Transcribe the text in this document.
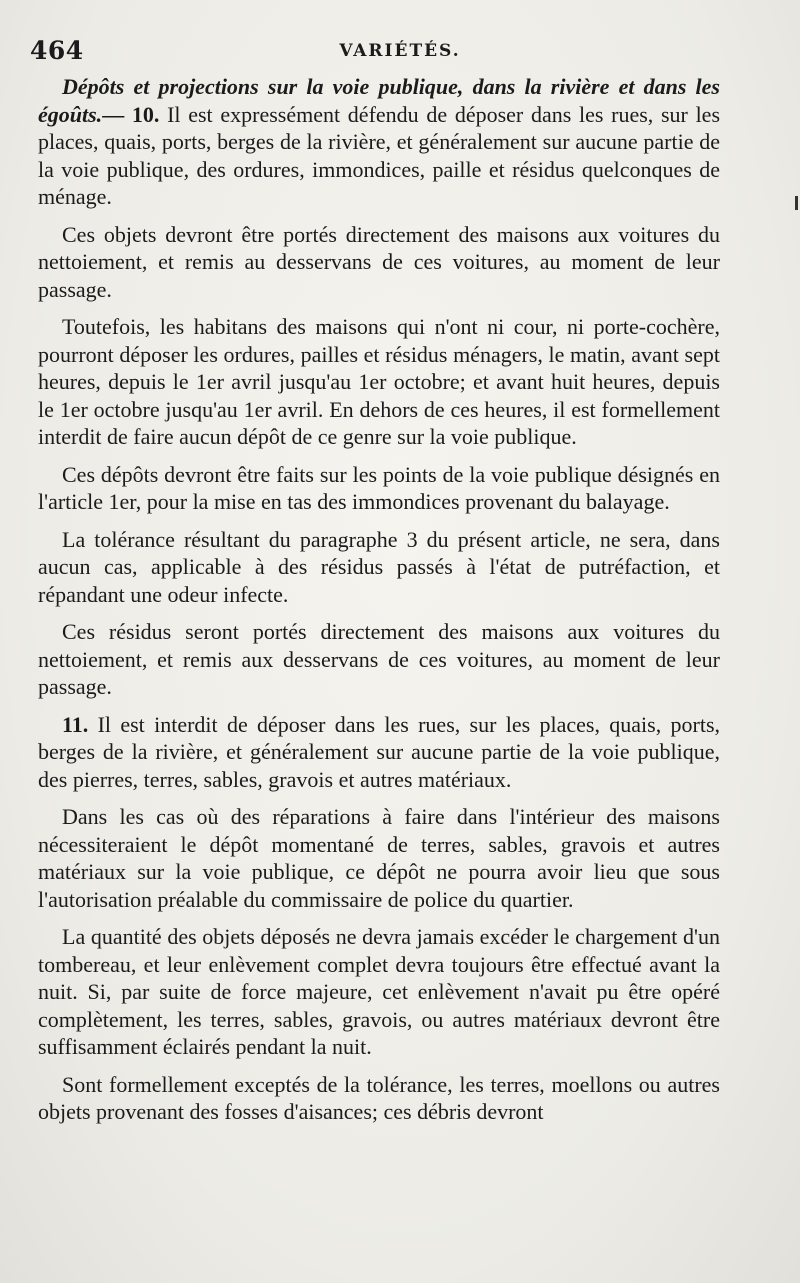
464	VARIÉTÉS.

Dépôts et projections sur la voie publique, dans la rivière et dans les égoûts.— 10. Il est expressément défendu de déposer dans les rues, sur les places, quais, ports, berges de la rivière, et généralement sur aucune partie de la voie publique, des ordures, immondices, paille et résidus quelconques de ménage.

Ces objets devront être portés directement des maisons aux voitures du nettoiement, et remis au desservans de ces voitures, au moment de leur passage.

Toutefois, les habitans des maisons qui n'ont ni cour, ni porte-cochère, pourront déposer les ordures, pailles et résidus ménagers, le matin, avant sept heures, depuis le 1er avril jusqu'au 1er octobre; et avant huit heures, depuis le 1er octobre jusqu'au 1er avril. En dehors de ces heures, il est formellement interdit de faire aucun dépôt de ce genre sur la voie publique.

Ces dépôts devront être faits sur les points de la voie publique désignés en l'article 1er, pour la mise en tas des immondices provenant du balayage.

La tolérance résultant du paragraphe 3 du présent article, ne sera, dans aucun cas, applicable à des résidus passés à l'état de putréfaction, et répandant une odeur infecte.

Ces résidus seront portés directement des maisons aux voitures du nettoiement, et remis aux desservans de ces voitures, au moment de leur passage.

11. Il est interdit de déposer dans les rues, sur les places, quais, ports, berges de la rivière, et généralement sur aucune partie de la voie publique, des pierres, terres, sables, gravois et autres matériaux.

Dans les cas où des réparations à faire dans l'intérieur des maisons nécessiteraient le dépôt momentané de terres, sables, gravois et autres matériaux sur la voie publique, ce dépôt ne pourra avoir lieu que sous l'autorisation préalable du commissaire de police du quartier.

La quantité des objets déposés ne devra jamais excéder le chargement d'un tombereau, et leur enlèvement complet devra toujours être effectué avant la nuit. Si, par suite de force majeure, cet enlèvement n'avait pu être opéré complètement, les terres, sables, gravois, ou autres matériaux devront être suffisamment éclairés pendant la nuit.

Sont formellement exceptés de la tolérance, les terres, moellons ou autres objets provenant des fosses d'aisances; ces débris devront
